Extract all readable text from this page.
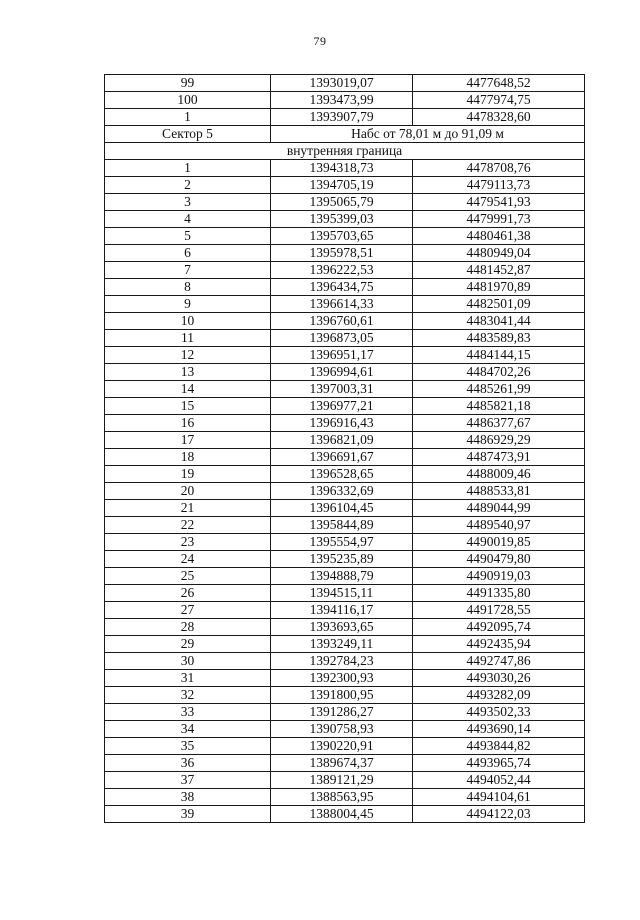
79
99	1393019,07	4477648,52
100	1393473,99	4477974,75
1	1393907,79	4478328,60
Сектор 5	Набс от 78,01 м до 91,09 м	
внутренняя граница		
1	1394318,73	4478708,76
2	1394705,19	4479113,73
3	1395065,79	4479541,93
4	1395399,03	4479991,73
5	1395703,65	4480461,38
6	1395978,51	4480949,04
7	1396222,53	4481452,87
8	1396434,75	4481970,89
9	1396614,33	4482501,09
10	1396760,61	4483041,44
11	1396873,05	4483589,83
12	1396951,17	4484144,15
13	1396994,61	4484702,26
14	1397003,31	4485261,99
15	1396977,21	4485821,18
16	1396916,43	4486377,67
17	1396821,09	4486929,29
18	1396691,67	4487473,91
19	1396528,65	4488009,46
20	1396332,69	4488533,81
21	1396104,45	4489044,99
22	1395844,89	4489540,97
23	1395554,97	4490019,85
24	1395235,89	4490479,80
25	1394888,79	4490919,03
26	1394515,11	4491335,80
27	1394116,17	4491728,55
28	1393693,65	4492095,74
29	1393249,11	4492435,94
30	1392784,23	4492747,86
31	1392300,93	4493030,26
32	1391800,95	4493282,09
33	1391286,27	4493502,33
34	1390758,93	4493690,14
35	1390220,91	4493844,82
36	1389674,37	4493965,74
37	1389121,29	4494052,44
38	1388563,95	4494104,61
39	1388004,45	4494122,03
